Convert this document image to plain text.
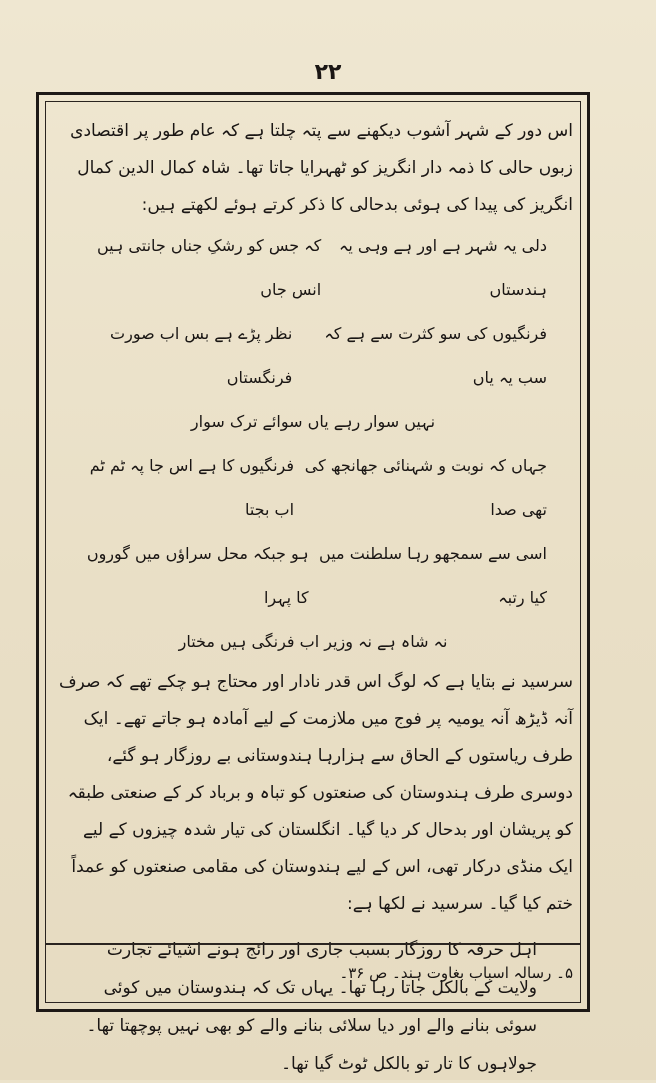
۲۲

اس دور کے شہر آشوب دیکھنے سے پتہ چلتا ہے کہ عام طور پر اقتصادی زبوں حالی کا ذمہ دار انگریز کو ٹھہرایا جاتا تھا۔ شاہ کمال الدین کمال انگریز کی پیدا کی ہوئی بدحالی کا ذکر کرتے ہوئے لکھتے ہیں:

دلی یہ شہر ہے اور ہے وہی یہ ہندستاں
کہ جس کو رشکِ جناں جانتی ہیں انس جاں
فرنگیوں کی سو کثرت سے ہے کہ سب یہ یاں
نظر پڑے ہے بس اب صورت فرنگستاں
نہیں سوار رہے یاں سوائے ترک سوار
جہاں کہ نوبت و شہنائی جھانجھ کی تھی صدا
فرنگیوں کا ہے اس جا پہ ٹم ٹم اب بجتا
اسی سے سمجھو رہا سلطنت میں کیا رتبہ
ہو جبکہ محل سراؤں میں گوروں کا پہرا
نہ شاہ ہے نہ وزیر اب فرنگی ہیں مختار

سرسید نے بتایا ہے کہ لوگ اس قدر نادار اور محتاج ہو چکے تھے کہ صرف آنہ ڈیڑھ آنہ یومیہ پر فوج میں ملازمت کے لیے آمادہ ہو جاتے تھے۔ ایک طرف ریاستوں کے الحاق سے ہزارہا ہندوستانی بے روزگار ہو گئے، دوسری طرف ہندوستان کی صنعتوں کو تباہ و برباد کر کے صنعتی طبقہ کو پریشان اور بدحال کر دیا گیا۔ انگلستان کی تیار شدہ چیزوں کے لیے ایک منڈی درکار تھی، اس کے لیے ہندوستان کی مقامی صنعتوں کو عمداً ختم کیا گیا۔ سرسید نے لکھا ہے:

اہل حرفہ کا روزگار بسبب جاری اور رائج ہونے اشیائے تجارت ولایت کے بالکل جاتا رہا تھا۔ یہاں تک کہ ہندوستان میں کوئی سوئی بنانے والے اور دیا سلائی بنانے والے کو بھی نہیں پوچھتا تھا۔ جولاہوں کا تار تو بالکل ٹوٹ گیا تھا۔

۵۔ رسالہ اسباب بغاوت ہند۔ ص ۳۶۔
